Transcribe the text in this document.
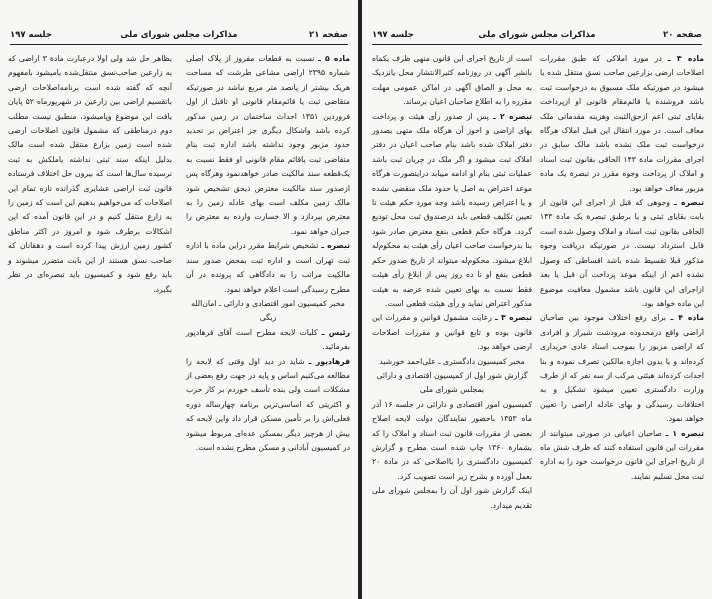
صفحه ۲۱
مذاکرات مجلس شورای ملی
جلسه ۱۹۷

ماده ۵ ـ نسبت به قطعات مفروز از پلاک اصلی شماره ۲۳۹۵ اراضی مشاعی طرشت که مساحت هریک بیشتر از پانصد متر مربع نباشد در صورتیکه متقاضی ثبت یا قائم‌مقام قانونی او تاقبل از اول فروردین ۱۳۵۱ احداث ساختمان در زمین مذکور کرده باشد واشکال دیگری جز اعتراض بر تحدید حدود مزبور وجود نداشته باشد اداره ثبت بنام متقاضی ثبت یاقائم مقام قانونی او فقط نسبت به یک‌قطعه سند مالکیت صادر خواهدنمود وهرگاه پس ازصدور سند مالکیت معترض ذیحق تشخیص شود مالک زمین مکلف است بهای عادله زمین را به معترض بپردازد و الا خسارت وارده به معترض را جبران خواهد نمود.

تبصره ـ تشخیص شرایط مقرر دراین ماده با اداره ثبت تهران است و اداره ثبت بمحض صدور سند مالکیت مراتب را به دادگاهی که پرونده در آن مطرح رسیدگی است اعلام خواهد نمود.

مخبر کمیسیون امور اقتصادی و دارائی ـ امان‌الله ریگی

رئیس ـ کلیات لایحه مطرح است آقای فرهادپور بفرمائید.

فرهادپور ـ شاید در دید اول وقتی که لایحه را مطالعه می‌کنیم اساس و پایه در جهت رفع بعضی از مشکلات است ولی بنده تأسف خوردم بر کار حزب و اکثریتی که اساسی‌ترین برنامه چهارساله دوره فعلی‌اش را بر تأمین مسکن قرار داد واین لایحه که بیش از هرچیز دیگر بمسکن عده‌ای مربوط میشود در کمیسیون آبادانی و مسکن مطرح نشده است.

بظاهر حل شد ولی اولا درعبارت مادة ۳ اراضی که به زارعین صاحب‌نسق منتقل‌شده یامیشود بامفهوم آنچه که گفته شده است برنامه‌اصلاحات ارضی باتقسیم اراضی بین زارعین در شهریورماه ۵۲ پایان یافت این موضوع وپامیشود، منطبق نیست مطلب دوم درمناطقی که مشمول قانون اصلاحات ارضی شده است زمین بزارع منتقل شده است مالک بدلیل اینکه سند ثبتی نداشته یاملکش به ثبت نرسیده سال‌ها است که بیرون حل اختلاف فرستاده قانون ثبت اراضی عشایری گذرانده تازه تمام این اصلاحات که می‌خواهیم بدهیم این است که زمین را به زارع منتقل کنیم و در این قانون آمده که این اشکالات برطرف شود و امروز در اکثر مناطق کشور زمین ارزش پیدا کرده است و دهقانان که صاحب نسق هستند از این بابت متضرر میشوند و باید رفع شود و کمیسیون باید تبصره‌ای در نظر بگیرد.

صفحه ۲۰
مذاکرات مجلس شورای ملی
جلسه ۱۹۷

ماده ۳ ـ در مورد املاکی که طبق مقررات اصلاحات ارضی بزارعین صاحب نسق منتقل شده یا میشود در صورتیکه ملک مسبوق به درخواست ثبت باشد فروشنده یا قائم‌مقام قانونی او ازپرداخت بقایای ثبتی اعم ازحق‌الثبت وهزینه مقدماتی ملک معاف است. در مورد انتقال این قبیل املاک هرگاه درخواست ثبت ملک نشده باشد مالک سابق در اجرای مقررات مادة ۱۴۳ الحاقی بقانون ثبت اسناد و املاک از پرداخت وجوه مقرر در تبصرة یک ماده مزبور معاف خواهد بود.

تبصره ـ وجوهی که قبل از اجرای این قانون از بابت بقایای ثبتی و یا برطبق تبصرة یک مادة ۱۴۳ الحاقی بقانون ثبت اسناد و املاک وصول شده است قابل استرداد نیست. در صورتیکه دریافت وجوه مذکور قبلا تقسیط شده باشد اقساطی که وصول نشده اعم از اینکه موعد پرداخت آن قبل یا بعد ازاجرای این قانون باشد مشمول معافیت موضوع این ماده خواهد بود.

ماده ۴ ـ برای رفع اختلاف موجود بین صاحبان اراضی واقع درمحدوده مرودشت شیراز و افرادی که اراضی مزبور را بموجب اسناد عادی خریداری کرده‌اند و یا بدون اجازه مالکین تصرف نموده و بنا احداث کرده‌اند هیئتی مرکب از سه نفر که از طرف وزارت دادگستری تعیین میشود تشکیل و به اختلافات رسیدگی و بهای عادله اراضی را تعیین خواهد نمود.

تبصره ۱ ـ صاحبان اعیانی در صورتی میتوانند از مقررات این قانون استفاده کنند که ظرف شش ماه از تاریخ اجرای این قانون درخواست خود را به اداره ثبت محل تسلیم نمایند.

است از تاریخ اجرای این قانون متهی ظرف یکماه بانشر آگهی در روزنامه کثیرالانتشار محل یانزدیک به محل و الصاق آگهی در اماکن عمومی مهلت مقرره را به اطلاع صاحبان اعیان برساند.

تبصره ۲ ـ پس از صدور رأی هیئت و پرداخت بهای اراضی و احوز آن هرگاه ملک متهی بصدور دفتر املاک شده باشد بنام صاحب اعیان در دفتر املاک ثبت میشود و اگر ملک در جریان ثبت باشد عملیات ثبتی بنام او ادامه مییابد دراینصورت هرگاه موعد اعتراض به اصل یا حدود ملک منقضی نشده و یا اعتراض رسیده باشد وجه مورد حکم هیئت تا تعیین تکلیف قطعی باید درصندوق ثبت محل تودیع گردد. هرگاه حکم قطعی بنفع معترض صادر شود بنا بدرخواست صاحب اعیان رأی هیئت به محکوم‌له ابلاغ میشود. محکوم‌له میتواند از تاریخ صدور حکم قطعی بنفع او تا ده روز پس از ابلاغ رأی هیئت فقط نسبت به بهای تعیین شده عرضه به هیئت مذکور اعتراض نماید و رأی هیئت قطعی است.

تبصره ۳ ـ رعایت مشمول قوانین و مقررات این قانون بوده و تابع قوانین و مقررات اصلاحات ارضی خواهد بود.

مخبر کمیسیون دادگستری ـ علی‌احمد خورشید

گزارش شور اول از کمیسیون اقتصادی و دارائی بمجلس شورای ملی

کمیسیون امور اقتصادی و دارائی در جلسه ۱۶ آذر ماه ۱۳۵۳ باحضور نمایندگان دولت لایحه اصلاح بعضی از مقررات قانون ثبت اسناد و املاک را که بشمارة ۱۳۶۰ چاپ شده است مطرح و گزارش کمیسیون دادگستری را بااصلاحی که در مادة ۲۰ بعمل آورده و بشرح زیر است تصویب کرد.

اینک گزارش شور اول آن را بمجلس شورای ملی تقدیم میدارد.
